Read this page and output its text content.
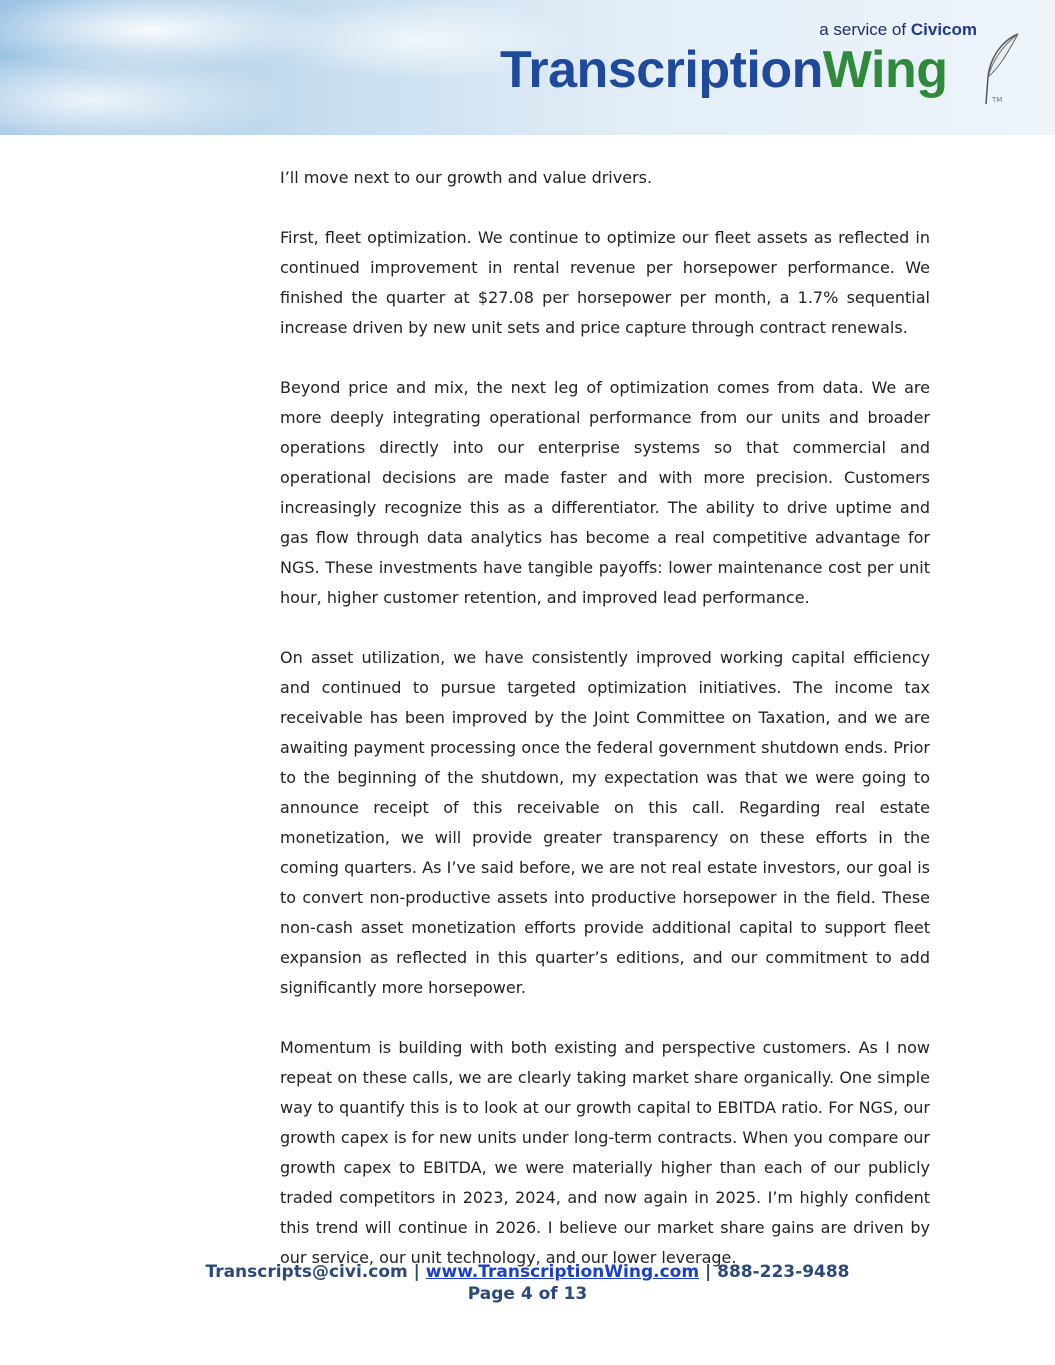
a service of Civicom
TranscriptionWing
TM

I’ll move next to our growth and value drivers.

First, fleet optimization. We continue to optimize our fleet assets as reflected in continued improvement in rental revenue per horsepower performance. We finished the quarter at $27.08 per horsepower per month, a 1.7% sequential increase driven by new unit sets and price capture through contract renewals.

Beyond price and mix, the next leg of optimization comes from data. We are more deeply integrating operational performance from our units and broader operations directly into our enterprise systems so that commercial and operational decisions are made faster and with more precision. Customers increasingly recognize this as a differentiator. The ability to drive uptime and gas flow through data analytics has become a real competitive advantage for NGS. These investments have tangible payoffs: lower maintenance cost per unit hour, higher customer retention, and improved lead performance.

On asset utilization, we have consistently improved working capital efficiency and continued to pursue targeted optimization initiatives. The income tax receivable has been improved by the Joint Committee on Taxation, and we are awaiting payment processing once the federal government shutdown ends. Prior to the beginning of the shutdown, my expectation was that we were going to announce receipt of this receivable on this call. Regarding real estate monetization, we will provide greater transparency on these efforts in the coming quarters. As I’ve said before, we are not real estate investors, our goal is to convert non-productive assets into productive horsepower in the field. These non-cash asset monetization efforts provide additional capital to support fleet expansion as reflected in this quarter’s editions, and our commitment to add significantly more horsepower.

Momentum is building with both existing and perspective customers. As I now repeat on these calls, we are clearly taking market share organically. One simple way to quantify this is to look at our growth capital to EBITDA ratio. For NGS, our growth capex is for new units under long-term contracts. When you compare our growth capex to EBITDA, we were materially higher than each of our publicly traded competitors in 2023, 2024, and now again in 2025. I’m highly confident this trend will continue in 2026. I believe our market share gains are driven by our service, our unit technology, and our lower leverage.

Transcripts@civi.com | www.TranscriptionWing.com | 888-223-9488
Page 4 of 13
